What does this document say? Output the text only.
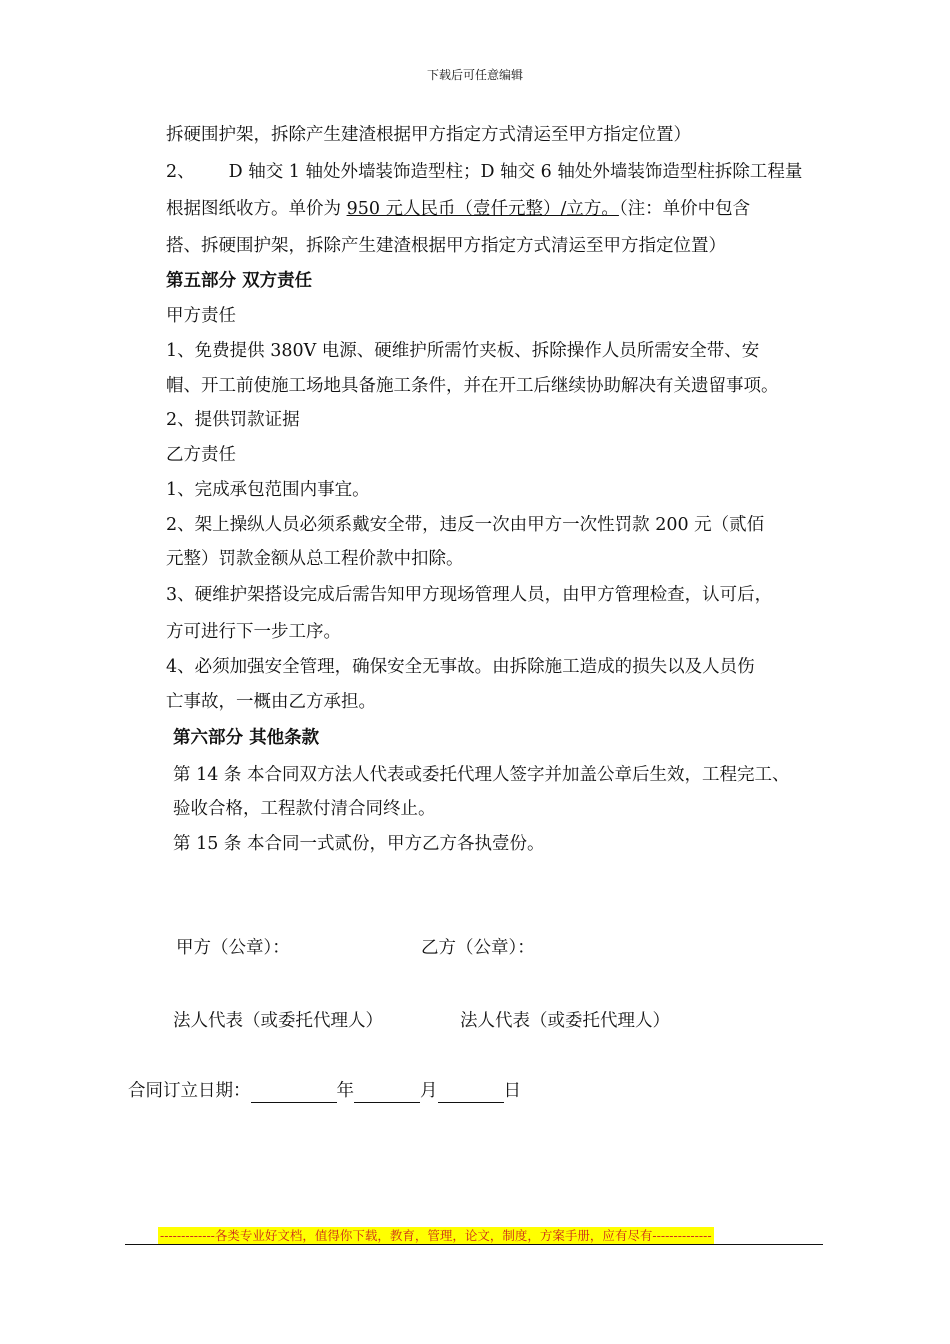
下载后可任意编辑
拆硬围护架，拆除产生建渣根据甲方指定方式清运至甲方指定位置）
2、 D 轴交 1 轴处外墙装饰造型柱；D 轴交 6 轴处外墙装饰造型柱拆除工程量
根据图纸收方。单价为 950 元人民币（壹仟元整）/立方。（注：单价中包含
搭、拆硬围护架，拆除产生建渣根据甲方指定方式清运至甲方指定位置）
第五部分 双方责任
甲方责任
1、免费提供 380V 电源、硬维护所需竹夹板、拆除操作人员所需安全带、安
帽、开工前使施工场地具备施工条件，并在开工后继续协助解决有关遗留事项。
2、提供罚款证据
乙方责任
1、完成承包范围内事宜。
2、架上操纵人员必须系戴安全带，违反一次由甲方一次性罚款 200 元（贰佰
元整）罚款金额从总工程价款中扣除。
3、硬维护架搭设完成后需告知甲方现场管理人员，由甲方管理检查，认可后，
方可进行下一步工序。
4、必须加强安全管理，确保安全无事故。由拆除施工造成的损失以及人员伤
亡事故，一概由乙方承担。
第六部分 其他条款
第 14 条 本合同双方法人代表或委托代理人签字并加盖公章后生效，工程完工、
验收合格，工程款付清合同终止。
第 15 条 本合同一式贰份，甲方乙方各执壹份。
甲方（公章）：	乙方（公章）：
法人代表（或委托代理人）	法人代表（或委托代理人）
合同订立日期：	年	月	日
-------------各类专业好文档，值得你下载，教育，管理，论文，制度，方案手册，应有尽有--------------
